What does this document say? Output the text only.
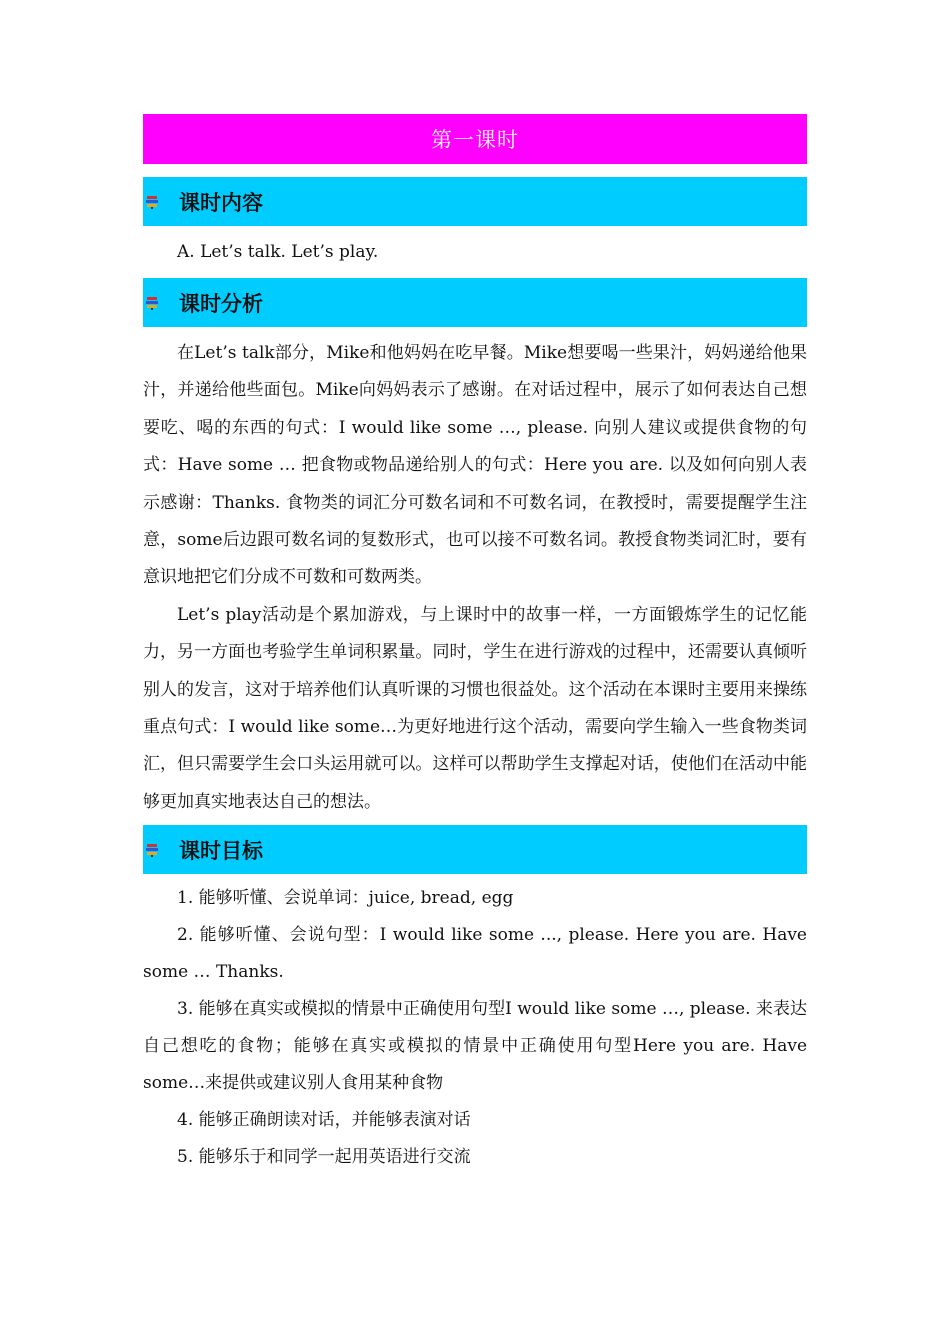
第一课时
课时内容

A. Let’s talk. Let’s play.

课时分析

在Let’s talk部分，Mike和他妈妈在吃早餐。Mike想要喝一些果汁，妈妈递给他果汁，并递给他些面包。Mike向妈妈表示了感谢。在对话过程中，展示了如何表达自己想要吃、喝的东西的句式：I would like some …, please. 向别人建议或提供食物的句式：Have some … 把食物或物品递给别人的句式：Here you are. 以及如何向别人表示感谢：Thanks. 食物类的词汇分可数名词和不可数名词，在教授时，需要提醒学生注意，some后边跟可数名词的复数形式，也可以接不可数名词。教授食物类词汇时，要有意识地把它们分成不可数和可数两类。

Let’s play活动是个累加游戏，与上课时中的故事一样，一方面锻炼学生的记忆能力，另一方面也考验学生单词积累量。同时，学生在进行游戏的过程中，还需要认真倾听别人的发言，这对于培养他们认真听课的习惯也很益处。这个活动在本课时主要用来操练重点句式：I would like some…为更好地进行这个活动，需要向学生输入一些食物类词汇，但只需要学生会口头运用就可以。这样可以帮助学生支撑起对话，使他们在活动中能够更加真实地表达自己的想法。

课时目标

1. 能够听懂、会说单词：juice, bread, egg

2. 能够听懂、会说句型：I would like some ..., please. Here you are. Have some … Thanks.

3. 能够在真实或模拟的情景中正确使用句型I would like some …, please. 来表达自己想吃的食物；能够在真实或模拟的情景中正确使用句型Here you are. Have some…来提供或建议别人食用某种食物

4. 能够正确朗读对话，并能够表演对话

5. 能够乐于和同学一起用英语进行交流
